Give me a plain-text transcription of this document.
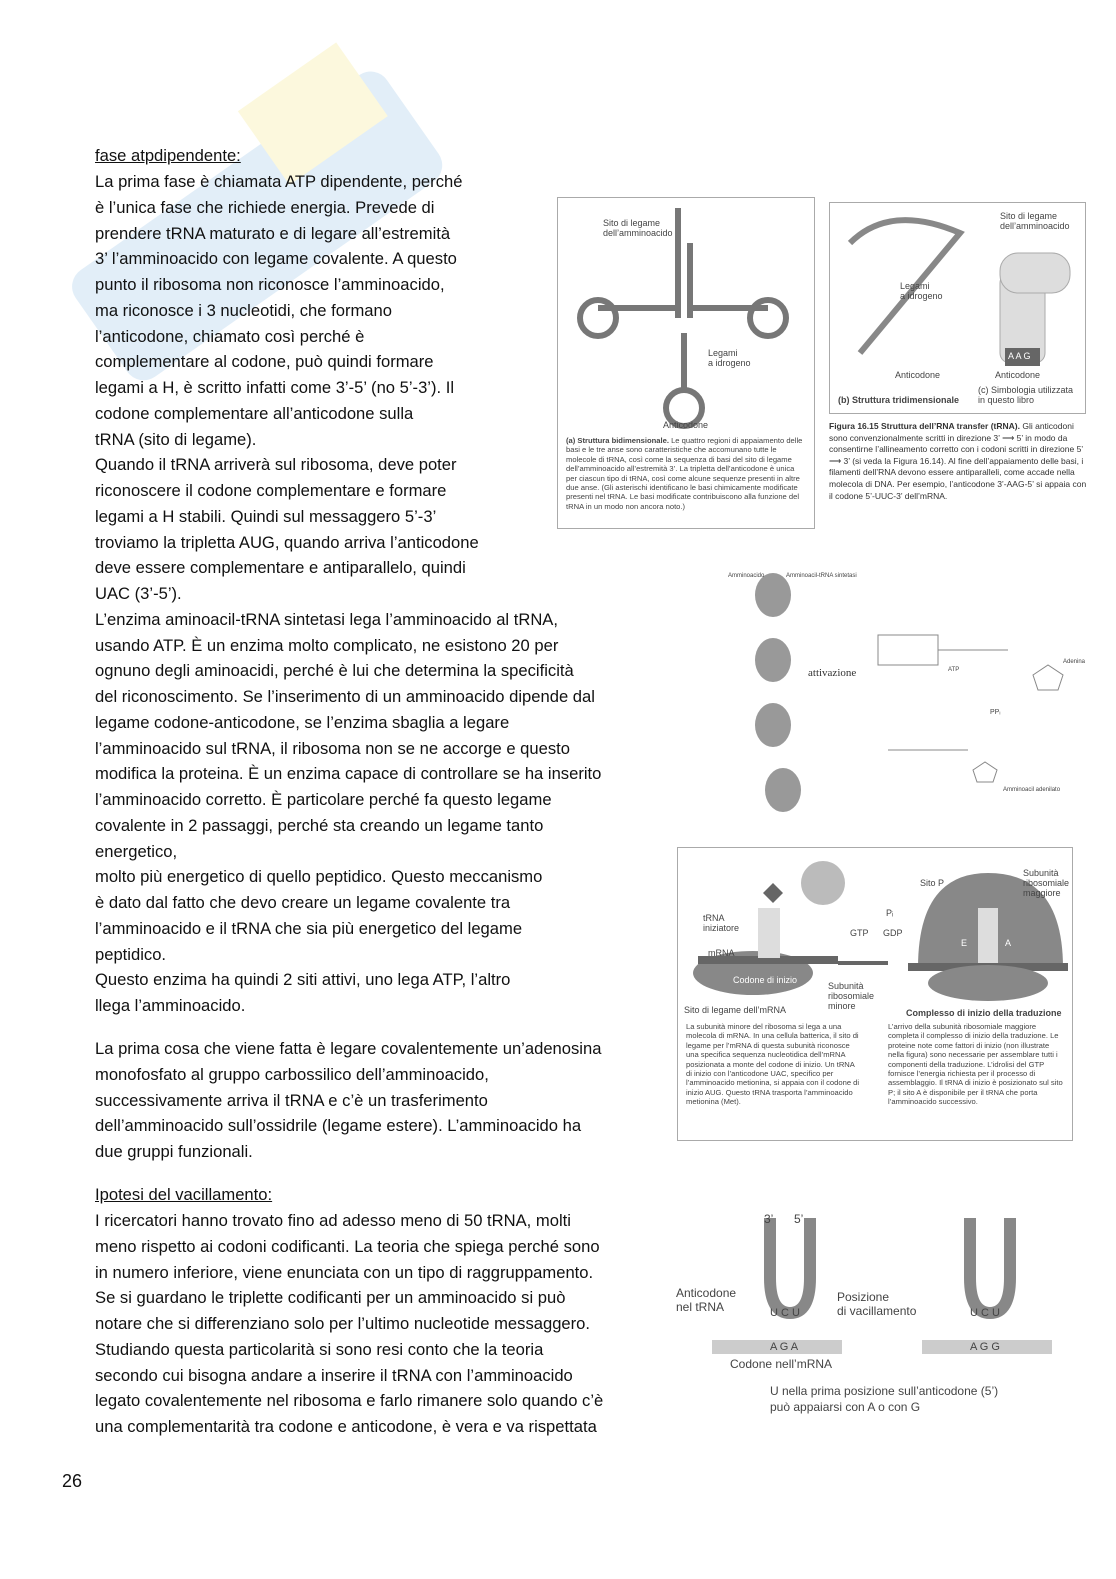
fase atpdipendente:
La prima fase è chiamata ATP dipendente, perché
è l’unica fase che richiede energia. Prevede di
prendere tRNA maturato e di legare all’estremità
3’ l’amminoacido con legame covalente. A questo
punto il ribosoma non riconosce l’amminoacido,
ma riconosce i 3 nucleotidi, che formano
l’anticodone, chiamato così perché è
complementare al codone, può quindi formare
legami a H, è scritto infatti come 3’-5’ (no 5’-3’). Il
codone complementare all’anticodone sulla
tRNA (sito di legame).
Quando il tRNA arriverà sul ribosoma, deve poter
riconoscere il codone complementare e formare
legami a H stabili. Quindi sul messaggero 5’-3’
troviamo la tripletta AUG, quando arriva l’anticodone
deve essere complementare e antiparallelo, quindi
UAC (3’-5’).
L’enzima aminoacil-tRNA sintetasi lega l’amminoacido al tRNA,
usando ATP. È un enzima molto complicato, ne esistono 20 per
ognuno degli aminoacidi, perché è lui che determina la specificità
del riconoscimento. Se l’inserimento di un amminoacido dipende dal
legame codone-anticodone, se l’enzima sbaglia a legare
l’amminoacido sul tRNA, il ribosoma non se ne accorge e questo
modifica la proteina. È un enzima capace di controllare se ha inserito
l’amminoacido corretto. È particolare perché fa questo legame
covalente in 2 passaggi, perché sta creando un legame tanto
energetico,
molto più energetico di quello peptidico. Questo meccanismo
è dato dal fatto che devo creare un legame covalente tra
l’amminoacido e il tRNA che sia più energetico del legame
peptidico.
Questo enzima ha quindi 2 siti attivi, uno lega ATP, l’altro
llega l’amminoacido.
La prima cosa che viene fatta è legare covalentemente un’adenosina
monofosfato al gruppo carbossilico dell’amminoacido,
successivamente arriva il tRNA e c’è un trasferimento
dell’amminoacido sull’ossidrile (legame estere). L’amminoacido ha
due gruppi funzionali.
Ipotesi del vacillamento:
I ricercatori hanno trovato fino ad adesso meno di 50 tRNA, molti
meno rispetto ai codoni codificanti. La teoria che spiega perché sono
in numero inferiore, viene enunciata con un tipo di raggruppamento.
Se si guardano le triplette codificanti per un amminoacido si può
notare che si differenziano solo per l’ultimo nucleotide messaggero.
Studiando questa particolarità si sono resi conto che la teoria
secondo cui bisogna andare a inserire il tRNA con l’amminoacido
legato covalentemente nel ribosoma e farlo rimanere solo quando c’è
una complementarità tra codone e anticodone, è vera e va rispettata
26
Sito di legame
dell’amminoacido
Legami
a idrogeno
Anticodone
(a) Struttura bidimensionale. Le quattro regioni di appaiamento delle basi e le tre anse sono caratteristiche che accomunano tutte le molecole di tRNA, così come la sequenza di basi del sito di legame dell’amminoacido all’estremità 3’. La tripletta dell’anticodone è unica per ciascun tipo di tRNA, così come alcune sequenze presenti in altre due anse. (Gli asterischi identificano le basi chimicamente modificate presenti nel tRNA. Le basi modificate contribuiscono alla funzione del tRNA in un modo non ancora noto.)
Sito di legame
dell’amminoacido
Legami
a idrogeno
Anticodone
A A G
Anticodone
(b) Struttura tridimensionale
(c) Simbologia utilizzata
in questo libro
Figura 16.15 Struttura dell’RNA transfer (tRNA). Gli anticodoni sono convenzionalmente scritti in direzione 3’ ⟶ 5’ in modo da consentirne l’allineamento corretto con i codoni scritti in direzione 5’ ⟶ 3’ (si veda la Figura 16.14). Al fine dell’appaiamento delle basi, i filamenti dell’RNA devono essere antiparalleli, come accade nella molecola di DNA. Per esempio, l’anticodone 3’-AAG-5’ si appaia con il codone 5’-UUC-3’ dell’mRNA.
attivazione
Amminoacil-tRNA sintetasi
Amminoacido
ATP
Adenina
PPᵢ
Amminoacil adenilato
Met
tRNA
iniziatore
mRNA
Codone di inizio
Subunità
ribosomiale
minore
Sito di legame dell’mRNA
GTP
Pᵢ
GDP
Sito P
Subunità
ribosomiale
maggiore
E	A
Complesso di inizio della traduzione
La subunità minore del ribosoma si lega a una molecola di mRNA. In una cellula batterica, il sito di legame per l’mRNA di questa subunità riconosce una specifica sequenza nucleotidica dell’mRNA posizionata a monte del codone di inizio. Un tRNA di inizio con l’anticodone UAC, specifico per l’amminoacido metionina, si appaia con il codone di inizio AUG. Questo tRNA trasporta l’amminoacido metionina (Met).
L’arrivo della subunità ribosomiale maggiore completa il complesso di inizio della traduzione. Le proteine note come fattori di inizio (non illustrate nella figura) sono necessarie per assemblare tutti i componenti della traduzione. L’idrolisi del GTP fornisce l’energia richiesta per il processo di assemblaggio. Il tRNA di inizio è posizionato sul sito P; il sito A è disponibile per il tRNA che porta l’amminoacido successivo.
3’ 5’
Anticodone
nel tRNA
Posizione
di vacillamento
U C U
A G A
U C U
A G G
Codone nell’mRNA
U nella prima posizione sull’anticodone (5’)
può appaiarsi con A o con G
